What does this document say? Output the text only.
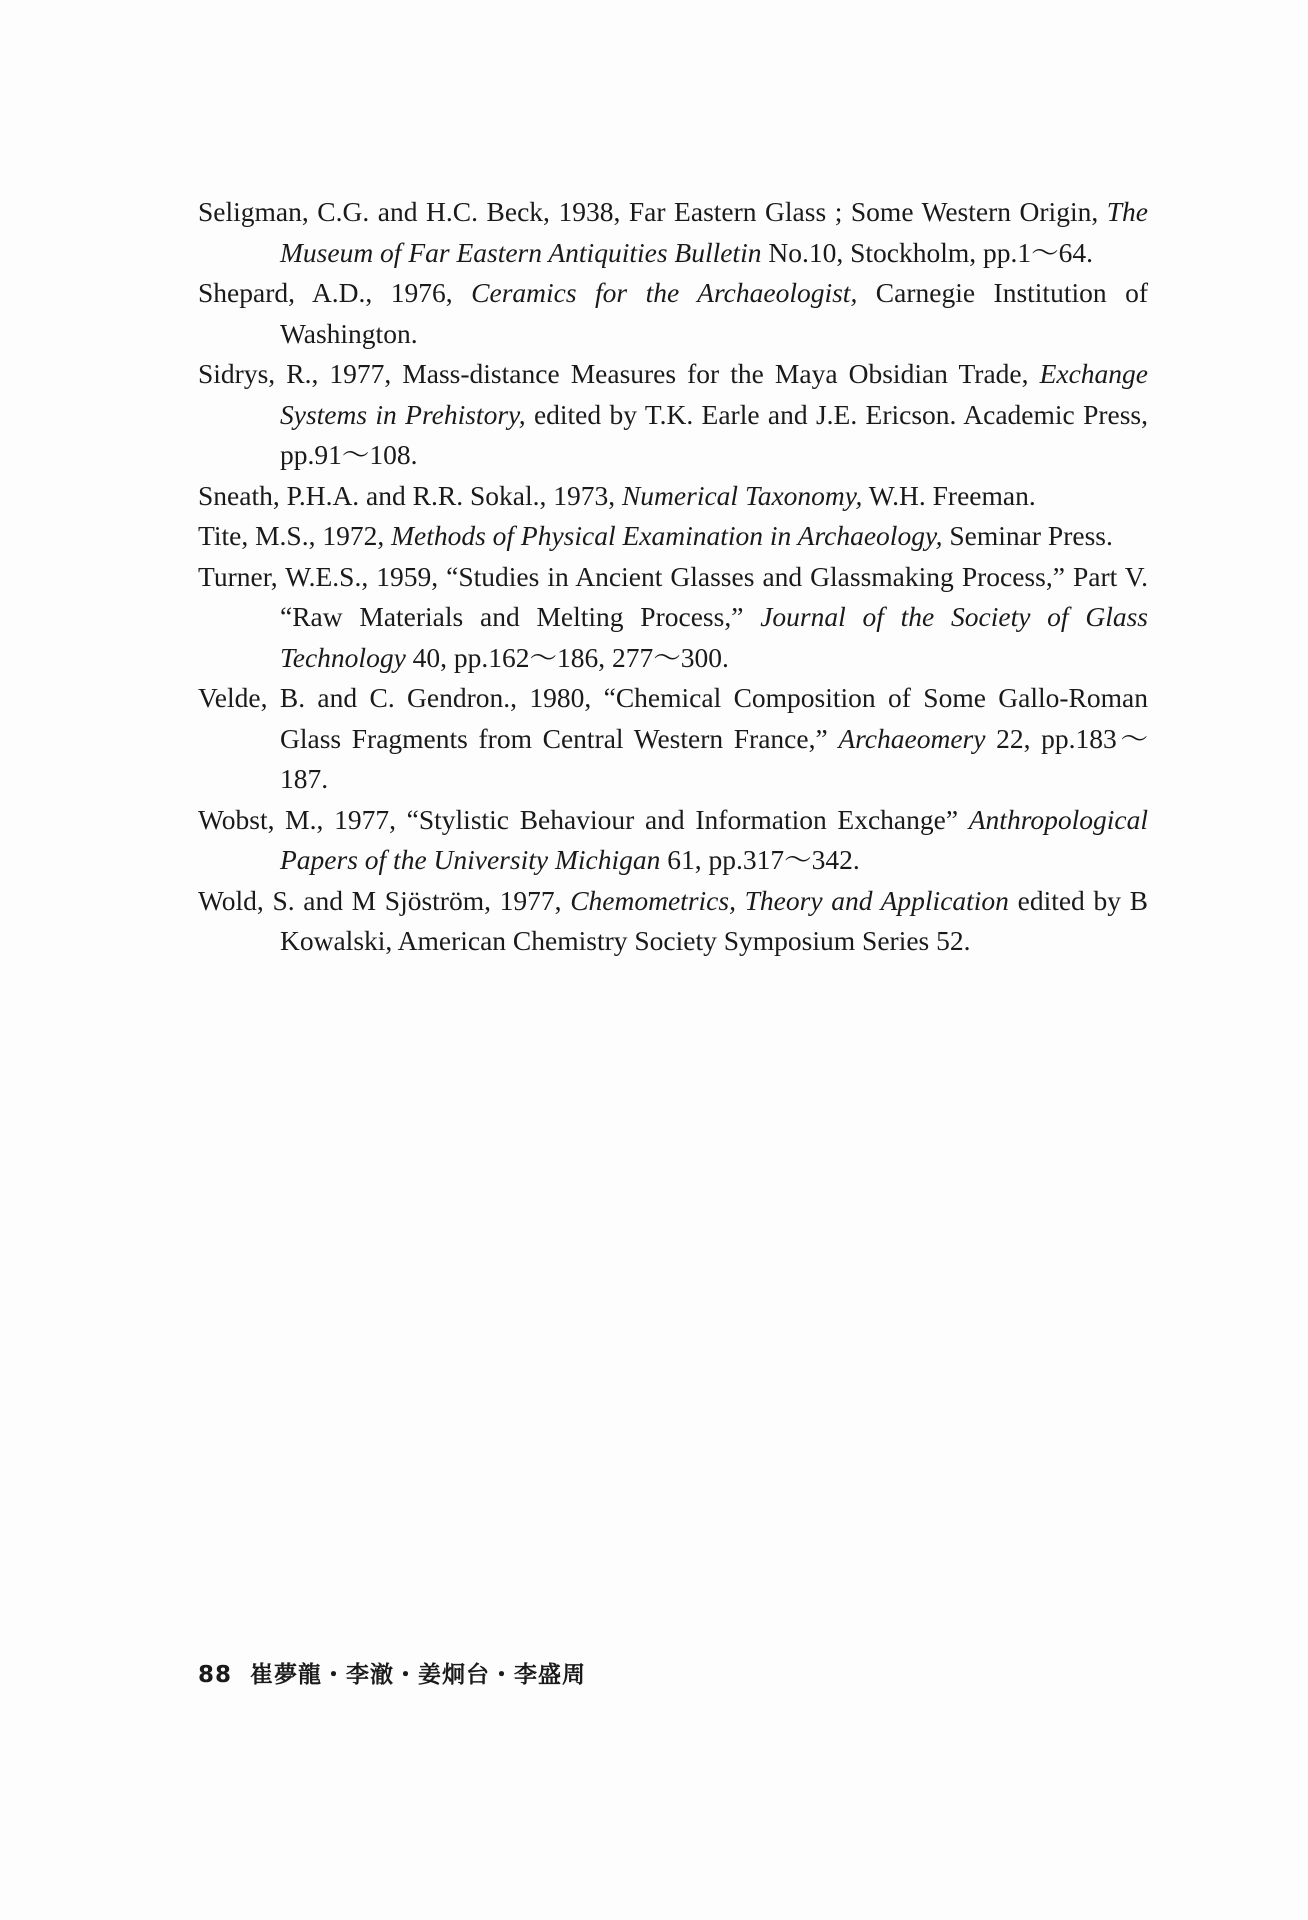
Seligman, C.G. and H.C. Beck, 1938, Far Eastern Glass ; Some Western Origin, The Museum of Far Eastern Antiquities Bulletin No.10, Stockholm, pp.1～64.

Shepard, A.D., 1976, Ceramics for the Archaeologist, Carnegie Institution of Washington.

Sidrys, R., 1977, Mass-distance Measures for the Maya Obsidian Trade, Exchange Systems in Prehistory, edited by T.K. Earle and J.E. Ericson. Academic Press, pp.91～108.

Sneath, P.H.A. and R.R. Sokal., 1973, Numerical Taxonomy, W.H. Freeman.

Tite, M.S., 1972, Methods of Physical Examination in Archaeology, Seminar Press.

Turner, W.E.S., 1959, “Studies in Ancient Glasses and Glassmaking Process,” Part V. “Raw Materials and Melting Process,” Journal of the Society of Glass Technology 40, pp.162～186, 277～300.

Velde, B. and C. Gendron., 1980, “Chemical Composition of Some Gallo-Roman Glass Fragments from Central Western France,” Archaeomery 22, pp.183～187.

Wobst, M., 1977, “Stylistic Behaviour and Information Exchange” Anthropological Papers of the University Michigan 61, pp.317～342.

Wold, S. and M Sjöström, 1977, Chemometrics, Theory and Application edited by B Kowalski, American Chemistry Society Symposium Series 52.

88 崔夢龍・李澈・姜炯台・李盛周
